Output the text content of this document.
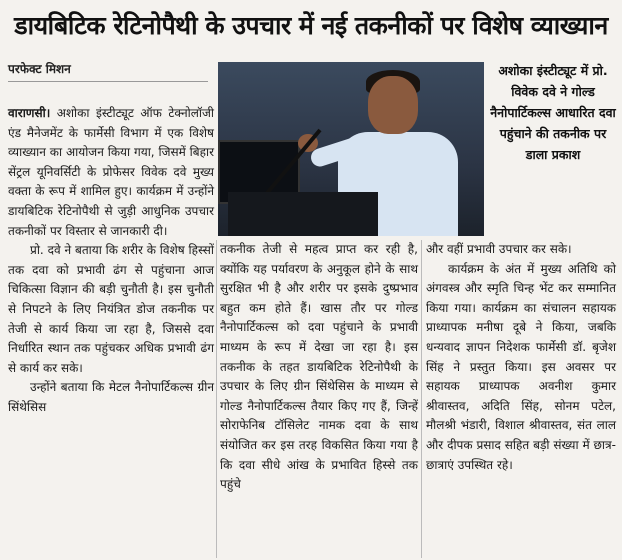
डायबिटिक रेटिनोपैथी के उपचार में नई तकनीकों पर विशेष व्याख्यान
परफेक्ट मिशन	अशोका इंस्टीट्यूट में प्रो. विवेक दवे ने गोल्ड नैनोपार्टिकल्स आधारित दवा पहुंचाने की तकनीक पर डाला प्रकाश

वाराणसी। अशोका इंस्टीट्यूट ऑफ टेक्नोलॉजी एंड मैनेजमेंट के फार्मेसी विभाग में एक विशेष व्याख्यान का आयोजन किया गया, जिसमें बिहार सेंट्रल यूनिवर्सिटी के प्रोफेसर विवेक दवे मुख्य वक्ता के रूप में शामिल हुए। कार्यक्रम में उन्होंने डायबिटिक रेटिनोपैथी से जुड़ी आधुनिक उपचार तकनीकों पर विस्तार से जानकारी दी।

प्रो. दवे ने बताया कि शरीर के विशेष हिस्सों तक दवा को प्रभावी ढंग से पहुंचाना आज चिकित्सा विज्ञान की बड़ी चुनौती है। इस चुनौती से निपटने के लिए नियंत्रित डोज तकनीक पर तेजी से कार्य किया जा रहा है, जिससे दवा निर्धारित स्थान तक पहुंचकर अधिक प्रभावी ढंग से कार्य कर सके।

उन्होंने बताया कि मेटल नैनोपार्टिकल्स ग्रीन सिंथेसिस

तकनीक तेजी से महत्व प्राप्त कर रही है, क्योंकि यह पर्यावरण के अनुकूल होने के साथ सुरक्षित भी है और शरीर पर इसके दुष्प्रभाव बहुत कम होते हैं। खास तौर पर गोल्ड नैनोपार्टिकल्स को दवा पहुंचाने के प्रभावी माध्यम के रूप में देखा जा रहा है। इस तकनीक के तहत डायबिटिक रेटिनोपैथी के उपचार के लिए ग्रीन सिंथेसिस के माध्यम से गोल्ड नैनोपार्टिकल्स तैयार किए गए हैं, जिन्हें सोराफेनिब टॉसिलेट नामक दवा के साथ संयोजित कर इस तरह विकसित किया गया है कि दवा सीधे आंख के प्रभावित हिस्से तक पहुंचे

और वहीं प्रभावी उपचार कर सके।

कार्यक्रम के अंत में मुख्य अतिथि को अंगवस्त्र और स्मृति चिन्ह भेंट कर सम्मानित किया गया। कार्यक्रम का संचालन सहायक प्राध्यापक मनीषा दूबे ने किया, जबकि धन्यवाद ज्ञापन निदेशक फार्मेसी डॉ. बृजेश सिंह ने प्रस्तुत किया। इस अवसर पर सहायक प्राध्यापक अवनीश कुमार श्रीवास्तव, अदिति सिंह, सोनम पटेल, मौलश्री भंडारी, विशाल श्रीवास्तव, संत लाल और दीपक प्रसाद सहित बड़ी संख्या में छात्र-छात्राएं उपस्थित रहे।
